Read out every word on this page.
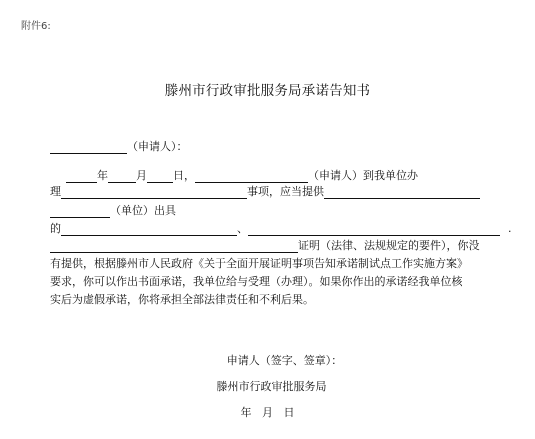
附件6:
滕州市行政审批服务局承诺告知书
（申请人）：
年	月 日，	（申请人）到我单位办
理	事项，应当提供
（单位）出具
的	、	.
证明（法律、法规规定的要件），你没
有提供，根据滕州市人民政府《关于全面开展证明事项告知承诺制试点工作实施方案》
要求，你可以作出书面承诺，我单位给与受理（办理）。如果你作出的承诺经我单位核
实后为虚假承诺，你将承担全部法律责任和不利后果。
申请人（签字、签章）：
滕州市行政审批服务局
年   月   日
